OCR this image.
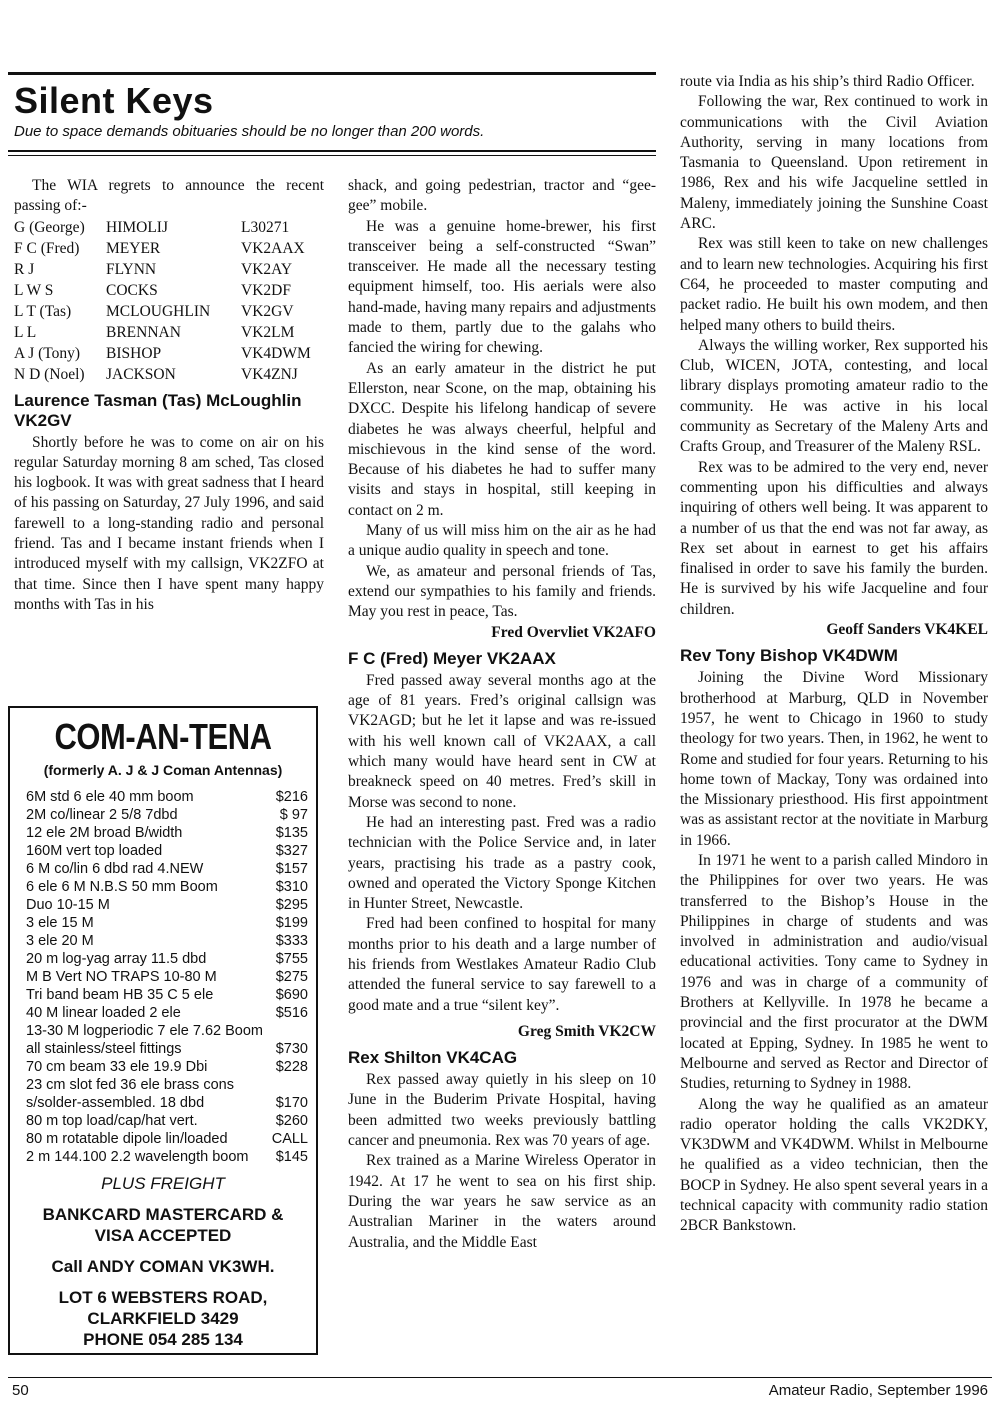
Silent Keys
Due to space demands obituaries should be no longer than 200 words.

The WIA regrets to announce the recent passing of:-

G (George)	HIMOLIJ	L30271
F C (Fred)	MEYER	VK2AAX
R J	FLYNN	VK2AY
L W S	COCKS	VK2DF
L T (Tas)	MCLOUGHLIN	VK2GV
L L	BRENNAN	VK2LM
A J (Tony)	BISHOP	VK4DWM
N D (Noel)	JACKSON	VK4ZNJ
Laurence Tasman (Tas) McLoughlin VK2GV

Shortly before he was to come on air on his regular Saturday morning 8 am sched, Tas closed his logbook. It was with great sadness that I heard of his passing on Saturday, 27 July 1996, and said farewell to a long-standing radio and personal friend. Tas and I became instant friends when I introduced myself with my callsign, VK2ZFO at that time. Since then I have spent many happy months with Tas in his

COM-AN-TENA
(formerly A. J & J Coman Antennas)
6M std 6 ele 40 mm boom	$216
2M co/linear 2 5/8 7dbd	$ 97
12 ele 2M broad B/width	$135
160M vert top loaded	$327
6 M co/lin 6 dbd rad 4.NEW	$157
6 ele 6 M N.B.S 50 mm Boom	$310
Duo 10-15 M	$295
3 ele 15 M	$199
3 ele 20 M	$333
20 m log-yag array 11.5 dbd	$755
M B Vert NO TRAPS 10-80 M	$275
Tri band beam HB 35 C 5 ele	$690
40 M linear loaded 2 ele	$516
13-30 M logperiodic 7 ele 7.62 Boom
all stainless/steel fittings	$730
70 cm beam 33 ele 19.9 Dbi	$228
23 cm slot fed 36 ele brass cons
s/solder-assembled. 18 dbd	$170
80 m top load/cap/hat vert.	$260
80 m rotatable dipole lin/loaded	CALL
2 m 144.100 2.2 wavelength boom	$145
PLUS FREIGHT
BANKCARD MASTERCARD & VISA ACCEPTED
Call ANDY COMAN VK3WH.
LOT 6 WEBSTERS ROAD,
CLARKFIELD 3429
PHONE 054 285 134

shack, and going pedestrian, tractor and “gee-gee” mobile.

He was a genuine home-brewer, his first transceiver being a self-constructed “Swan” transceiver. He made all the necessary testing equipment himself, too. His aerials were also hand-made, having many repairs and adjustments made to them, partly due to the galahs who fancied the wiring for chewing.

As an early amateur in the district he put Ellerston, near Scone, on the map, obtaining his DXCC. Despite his lifelong handicap of severe diabetes he was always cheerful, helpful and mischievous in the kind sense of the word. Because of his diabetes he had to suffer many visits and stays in hospital, still keeping in contact on 2 m.

Many of us will miss him on the air as he had a unique audio quality in speech and tone.

We, as amateur and personal friends of Tas, extend our sympathies to his family and friends. May you rest in peace, Tas.

Fred Overvliet VK2AFO

F C (Fred) Meyer VK2AAX

Fred passed away several months ago at the age of 81 years. Fred’s original callsign was VK2AGD; but he let it lapse and was re-issued with his well known call of VK2AAX, a call which many would have heard sent in CW at breakneck speed on 40 metres. Fred’s skill in Morse was second to none.

He had an interesting past. Fred was a radio technician with the Police Service and, in later years, practising his trade as a pastry cook, owned and operated the Victory Sponge Kitchen in Hunter Street, Newcastle.

Fred had been confined to hospital for many months prior to his death and a large number of his friends from Westlakes Amateur Radio Club attended the funeral service to say farewell to a good mate and a true “silent key”.

Greg Smith VK2CW

Rex Shilton VK4CAG

Rex passed away quietly in his sleep on 10 June in the Buderim Private Hospital, having been admitted two weeks previously battling cancer and pneumonia. Rex was 70 years of age.

Rex trained as a Marine Wireless Operator in 1942. At 17 he went to sea on his first ship. During the war years he saw service as an Australian Mariner in the waters around Australia, and the Middle East

route via India as his ship’s third Radio Officer.

Following the war, Rex continued to work in communications with the Civil Aviation Authority, serving in many locations from Tasmania to Queensland. Upon retirement in 1986, Rex and his wife Jacqueline settled in Maleny, immediately joining the Sunshine Coast ARC.

Rex was still keen to take on new challenges and to learn new technologies. Acquiring his first C64, he proceeded to master computing and packet radio. He built his own modem, and then helped many others to build theirs.

Always the willing worker, Rex supported his Club, WICEN, JOTA, contesting, and local library displays promoting amateur radio to the community. He was active in his local community as Secretary of the Maleny Arts and Crafts Group, and Treasurer of the Maleny RSL.

Rex was to be admired to the very end, never commenting upon his difficulties and always inquiring of others well being. It was apparent to a number of us that the end was not far away, as Rex set about in earnest to get his affairs finalised in order to save his family the burden. He is survived by his wife Jacqueline and four children.

Geoff Sanders VK4KEL

Rev Tony Bishop VK4DWM

Joining the Divine Word Missionary brotherhood at Marburg, QLD in November 1957, he went to Chicago in 1960 to study theology for two years. Then, in 1962, he went to Rome and studied for four years. Returning to his home town of Mackay, Tony was ordained into the Missionary priesthood. His first appointment was as assistant rector at the novitiate in Marburg in 1966.

In 1971 he went to a parish called Mindoro in the Philippines for over two years. He was transferred to the Bishop’s House in the Philippines in charge of students and was involved in administration and audio/visual educational activities. Tony came to Sydney in 1976 and was in charge of a community of Brothers at Kellyville. In 1978 he became a provincial and the first procurator at the DWM located at Epping, Sydney. In 1985 he went to Melbourne and served as Rector and Director of Studies, returning to Sydney in 1988.

Along the way he qualified as an amateur radio operator holding the calls VK2DKY, VK3DWM and VK4DWM. Whilst in Melbourne he qualified as a video technician, then the BOCP in Sydney. He also spent several years in a technical capacity with community radio station 2BCR Bankstown.

50	Amateur Radio, September 1996
